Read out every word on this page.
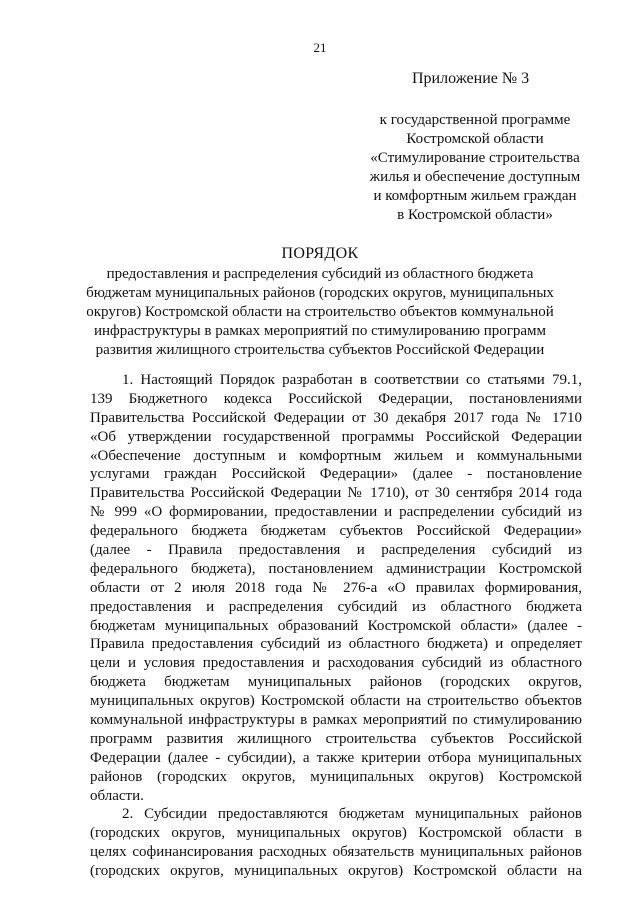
21
Приложение № 3
к государственной программе
Костромской области
«Стимулирование строительства
жилья и обеспечение доступным
и комфортным жильем граждан
в Костромской области»
ПОРЯДОК
предоставления и распределения субсидий из областного бюджета
бюджетам муниципальных районов (городских округов, муниципальных
округов) Костромской области на строительство объектов коммунальной
инфраструктуры в рамках мероприятий по стимулированию программ
развития жилищного строительства субъектов Российской Федерации
1. Настоящий Порядок разработан в соответствии со статьями 79.1,
139 Бюджетного кодекса Российской Федерации, постановлениями
Правительства Российской Федерации от 30 декабря 2017 года № 1710
«Об утверждении государственной программы Российской Федерации
«Обеспечение доступным и комфортным жильем и коммунальными
услугами граждан Российской Федерации» (далее - постановление
Правительства Российской Федерации № 1710), от 30 сентября 2014 года
№ 999 «О формировании, предоставлении и распределении субсидий из
федерального бюджета бюджетам субъектов Российской Федерации»
(далее - Правила предоставления и распределения субсидий из
федерального бюджета), постановлением администрации Костромской
области от 2 июля 2018 года № 276-а «О правилах формирования,
предоставления и распределения субсидий из областного бюджета
бюджетам муниципальных образований Костромской области» (далее -
Правила предоставления субсидий из областного бюджета) и определяет
цели и условия предоставления и расходования субсидий из областного
бюджета бюджетам муниципальных районов (городских округов,
муниципальных округов) Костромской области на строительство объектов
коммунальной инфраструктуры в рамках мероприятий по стимулированию
программ развития жилищного строительства субъектов Российской
Федерации (далее - субсидии), а также критерии отбора муниципальных
районов (городских округов, муниципальных округов) Костромской
области.
2. Субсидии предоставляются бюджетам муниципальных районов
(городских округов, муниципальных округов) Костромской области в
целях софинансирования расходных обязательств муниципальных районов
(городских округов, муниципальных округов) Костромской области на
